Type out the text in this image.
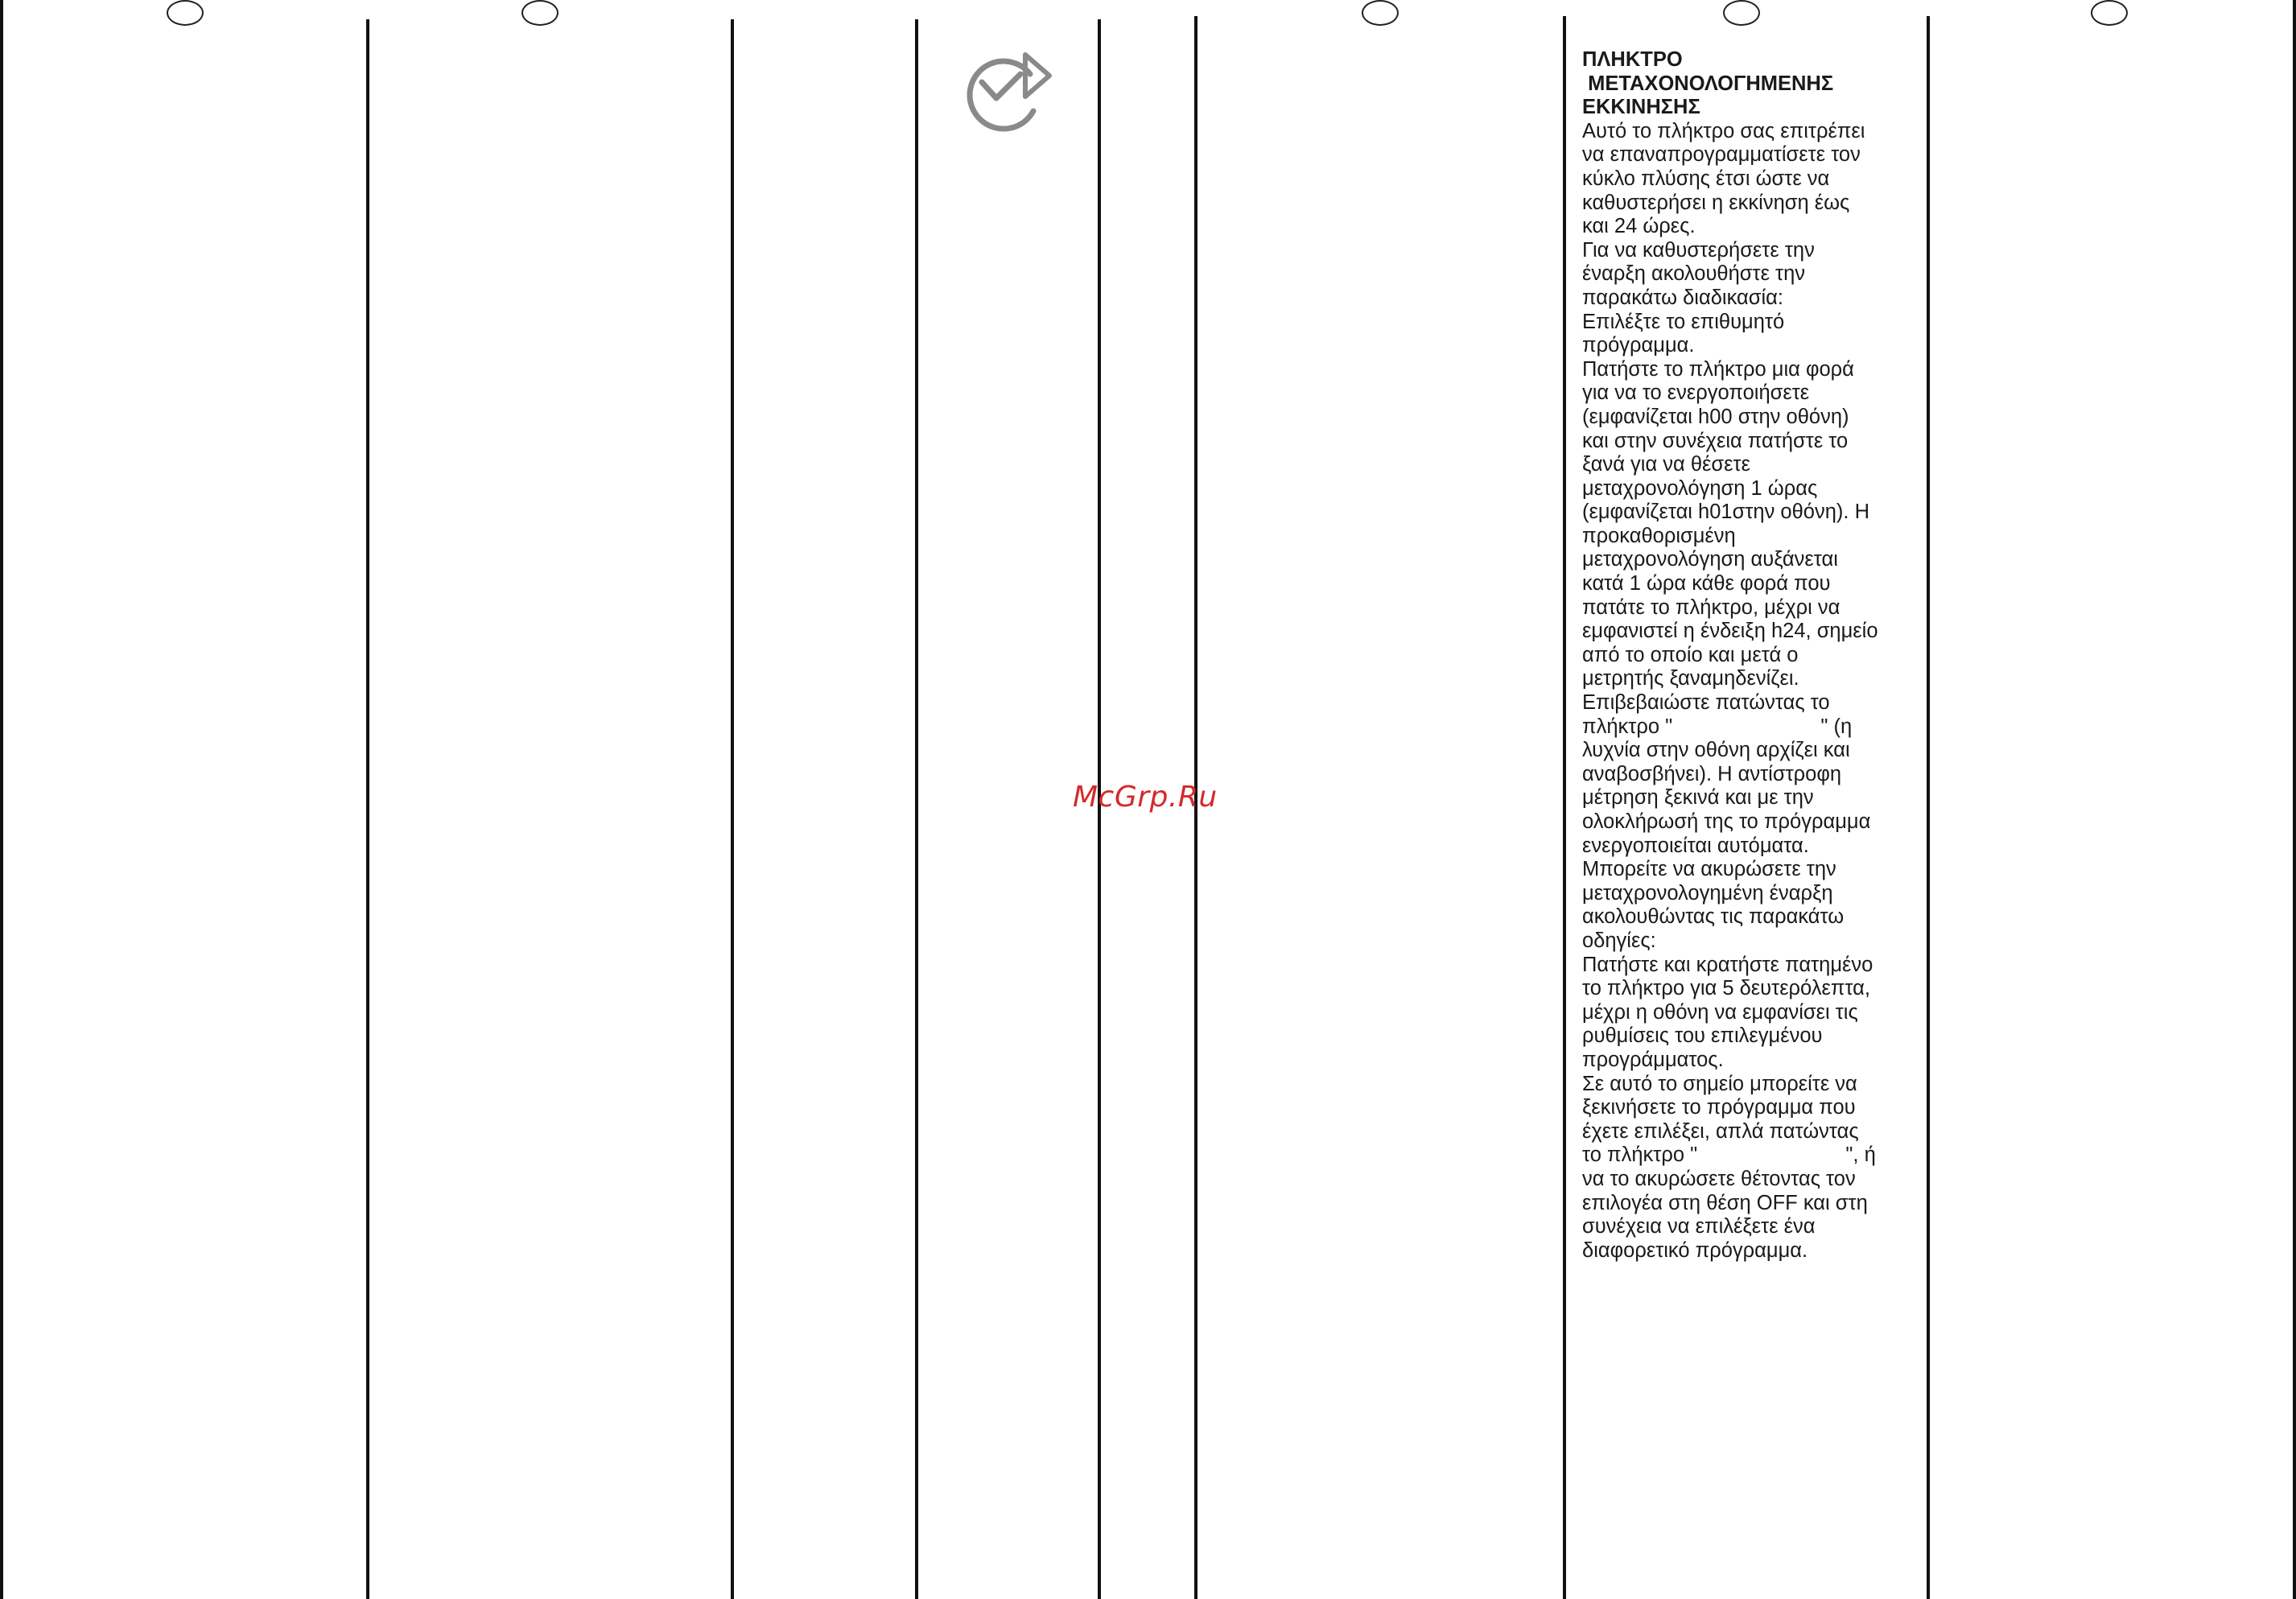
ΠΛΗΚΤΡΟ
ΜΕΤΑΧΟΝΟΛΟΓΗΜΕΝΗΣ
ΕΚΚΙΝΗΣΗΣ
Αυτό το πλήκτρο σας επιτρέπει
να επαναπρογραμματίσετε τον
κύκλο πλύσης έτσι ώστε να
καθυστερήσει η εκκίνηση έως
και 24 ώρες.
Για να καθυστερήσετε την
έναρξη ακολουθήστε την
παρακάτω διαδικασία:
Επιλέξτε το επιθυμητό
πρόγραμμα.
Πατήστε το πλήκτρο μια φορά
για να το ενεργοποιήσετε
(εμφανίζεται h00 στην οθόνη)
και στην συνέχεια πατήστε το
ξανά για να θέσετε
μεταχρονολόγηση 1 ώρας
(εμφανίζεται h01στην οθόνη). Η
προκαθορισμένη
μεταχρονολόγηση αυξάνεται
κατά 1 ώρα κάθε φορά που
πατάτε το πλήκτρο, μέχρι να
εμφανιστεί η ένδειξη h24, σημείο
από το οποίο και μετά ο
μετρητής ξαναμηδενίζει.
Επιβεβαιώστε πατώντας το
πλήκτρο "                          " (η
λυχνία στην οθόνη αρχίζει και
αναβοσβήνει). Η αντίστροφη
μέτρηση ξεκινά και με την
ολοκλήρωσή της το πρόγραμμα
ενεργοποιείται αυτόματα.
Μπορείτε να ακυρώσετε την
μεταχρονολογημένη έναρξη
ακολουθώντας τις παρακάτω
οδηγίες:
Πατήστε και κρατήστε πατημένο
το πλήκτρο για 5 δευτερόλεπτα,
μέχρι η οθόνη να εμφανίσει τις
ρυθμίσεις του επιλεγμένου
προγράμματος.
Σε αυτό το σημείο μπορείτε να
ξεκινήσετε το πρόγραμμα που
έχετε επιλέξει, απλά πατώντας
το πλήκτρο "                          ", ή
να το ακυρώσετε θέτοντας τον
επιλογέα στη θέση OFF και στη
συνέχεια να επιλέξετε ένα
διαφορετικό πρόγραμμα.
McGrp.Ru
